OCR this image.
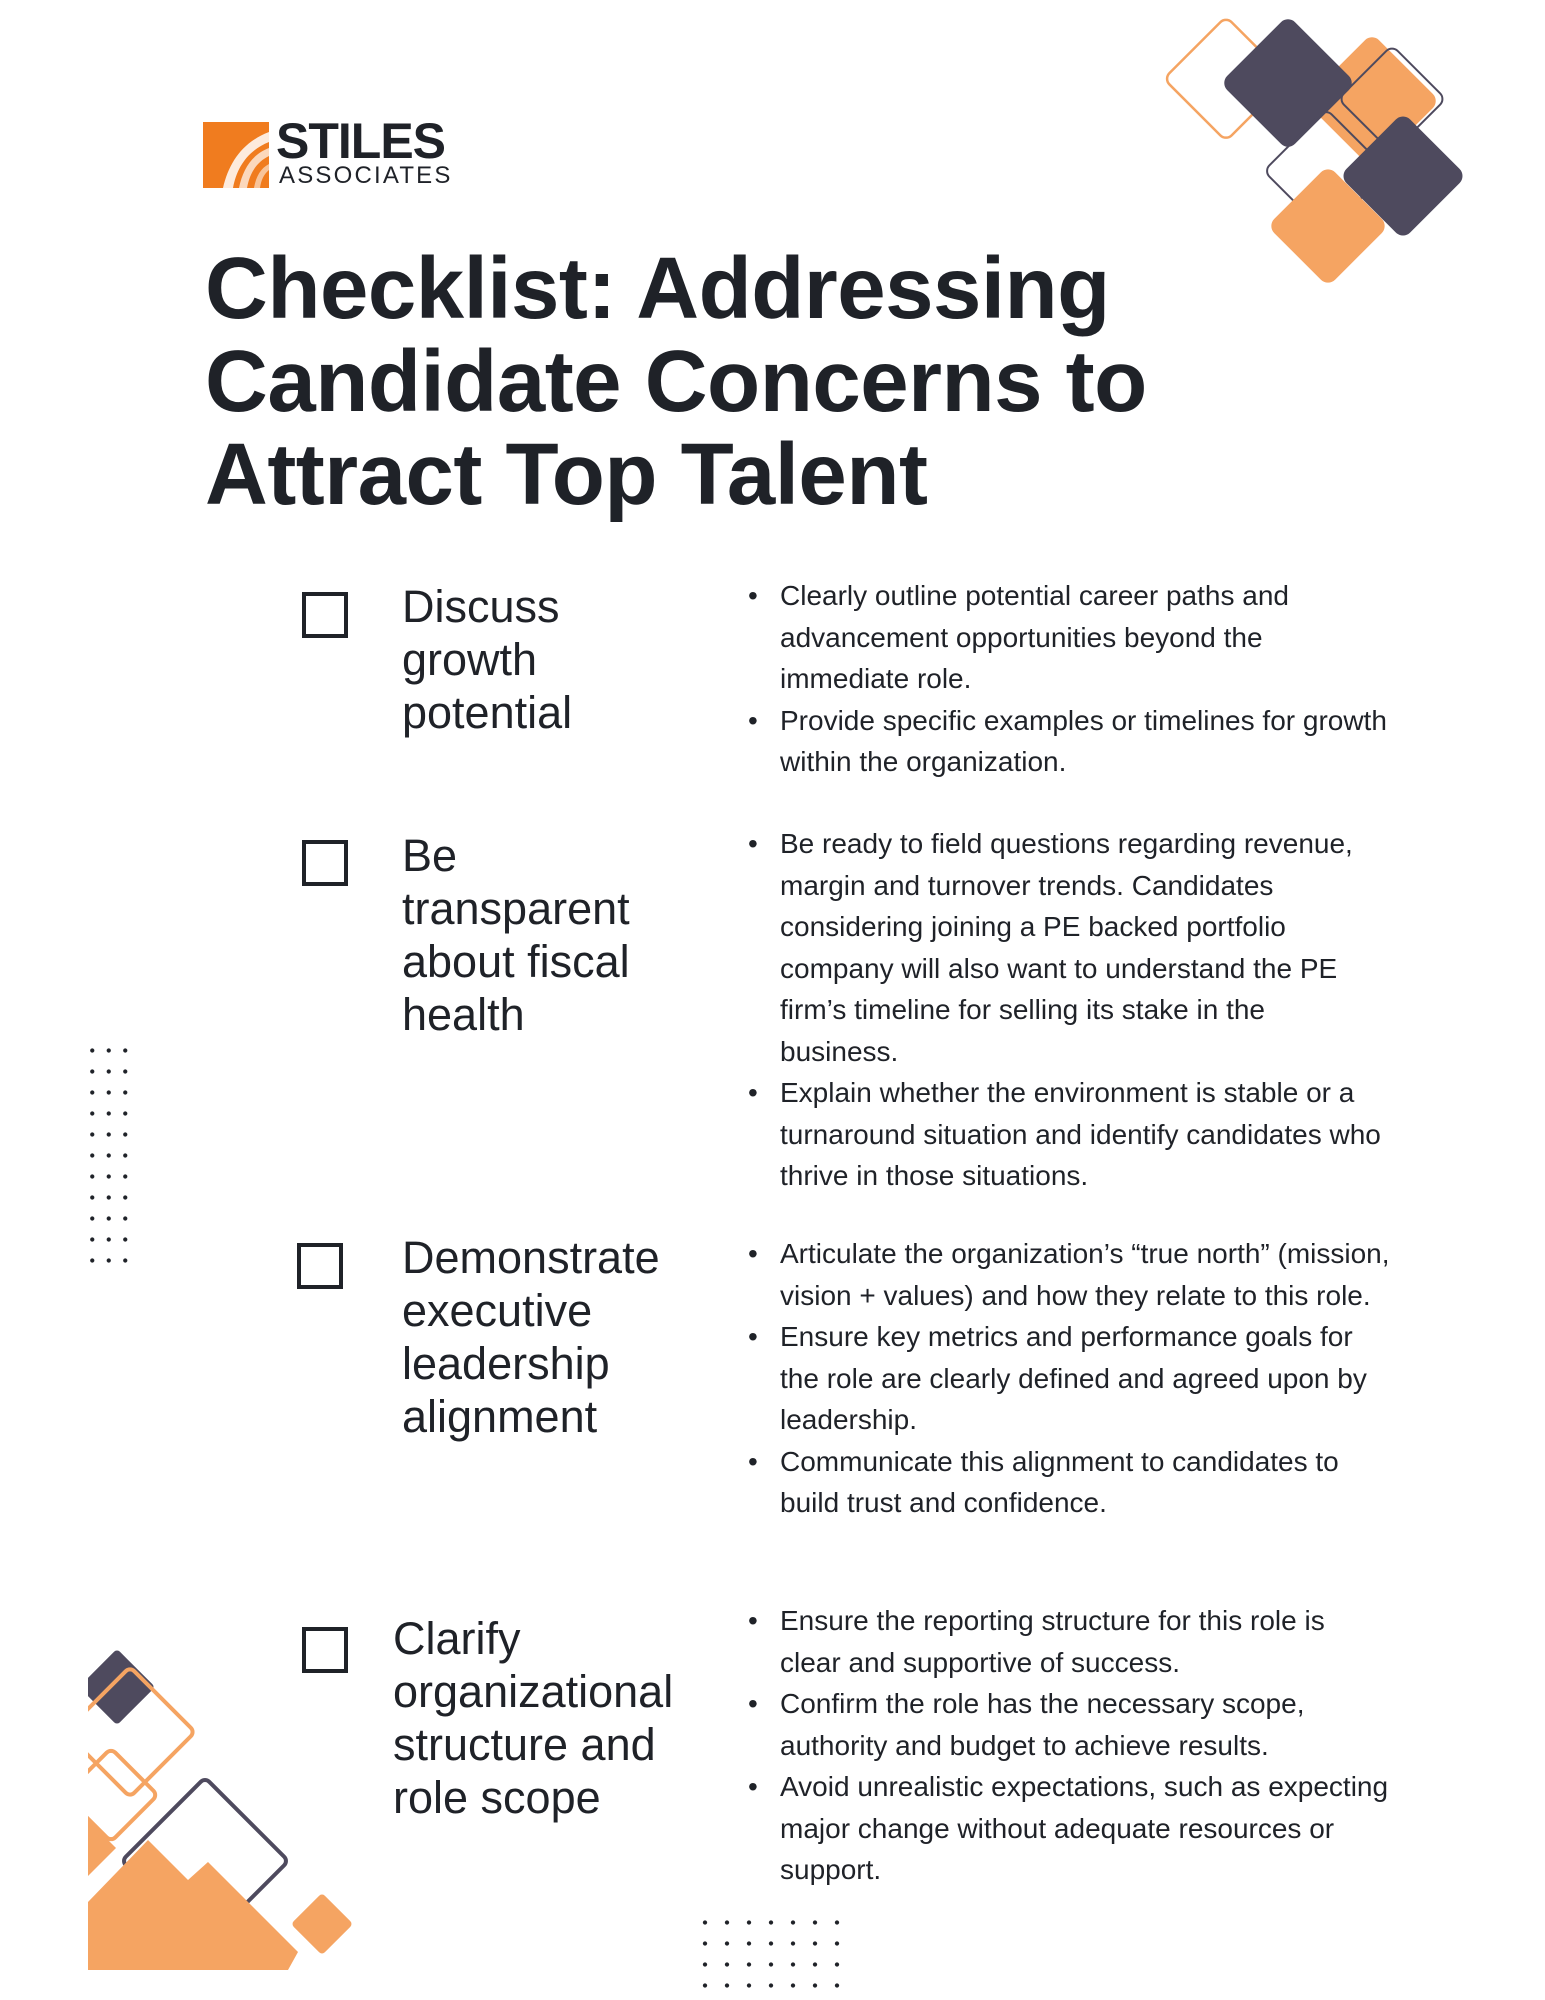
STILES
ASSOCIATES
Checklist: Addressing
Candidate Concerns to
Attract Top Talent
Discuss
growth
potential
• Clearly outline potential career paths and advancement opportunities beyond the immediate role.
• Provide specific examples or timelines for growth within the organization.
Be
transparent
about fiscal
health
• Be ready to field questions regarding revenue, margin and turnover trends. Candidates considering joining a PE backed portfolio company will also want to understand the PE firm’s timeline for selling its stake in the business.
• Explain whether the environment is stable or a turnaround situation and identify candidates who thrive in those situations.
Demonstrate
executive
leadership
alignment
• Articulate the organization’s “true north” (mission, vision + values) and how they relate to this role.
• Ensure key metrics and performance goals for the role are clearly defined and agreed upon by leadership.
• Communicate this alignment to candidates to build trust and confidence.
Clarify
organizational
structure and
role scope
• Ensure the reporting structure for this role is clear and supportive of success.
• Confirm the role has the necessary scope, authority and budget to achieve results.
• Avoid unrealistic expectations, such as expecting major change without adequate resources or support.
